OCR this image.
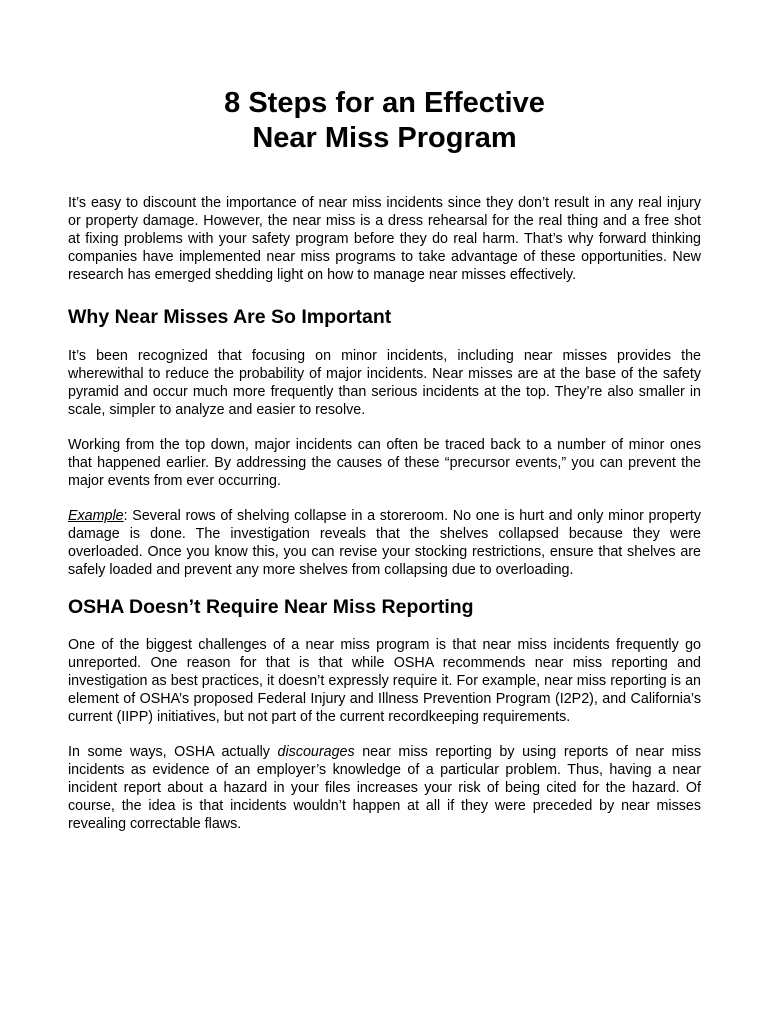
8 Steps for an Effective
Near Miss Program

It’s easy to discount the importance of near miss incidents since they don’t result in any real injury or property damage. However, the near miss is a dress rehearsal for the real thing and a free shot at fixing problems with your safety program before they do real harm. That’s why forward thinking companies have implemented near miss programs to take advantage of these opportunities. New research has emerged shedding light on how to manage near misses effectively.

Why Near Misses Are So Important

It’s been recognized that focusing on minor incidents, including near misses provides the wherewithal to reduce the probability of major incidents. Near misses are at the base of the safety pyramid and occur much more frequently than serious incidents at the top. They’re also smaller in scale, simpler to analyze and easier to resolve.

Working from the top down, major incidents can often be traced back to a number of minor ones that happened earlier. By addressing the causes of these “precursor events,” you can prevent the major events from ever occurring.

Example: Several rows of shelving collapse in a storeroom. No one is hurt and only minor property damage is done. The investigation reveals that the shelves collapsed because they were overloaded. Once you know this, you can revise your stocking restrictions, ensure that shelves are safely loaded and prevent any more shelves from collapsing due to overloading.

OSHA Doesn’t Require Near Miss Reporting

One of the biggest challenges of a near miss program is that near miss incidents frequently go unreported. One reason for that is that while OSHA recommends near miss reporting and investigation as best practices, it doesn’t expressly require it. For example, near miss reporting is an element of OSHA’s proposed Federal Injury and Illness Prevention Program (I2P2), and California’s current (IIPP) initiatives, but not part of the current recordkeeping requirements.

In some ways, OSHA actually discourages near miss reporting by using reports of near miss incidents as evidence of an employer’s knowledge of a particular problem. Thus, having a near incident report about a hazard in your files increases your risk of being cited for the hazard. Of course, the idea is that incidents wouldn’t happen at all if they were preceded by near misses revealing correctable flaws.
